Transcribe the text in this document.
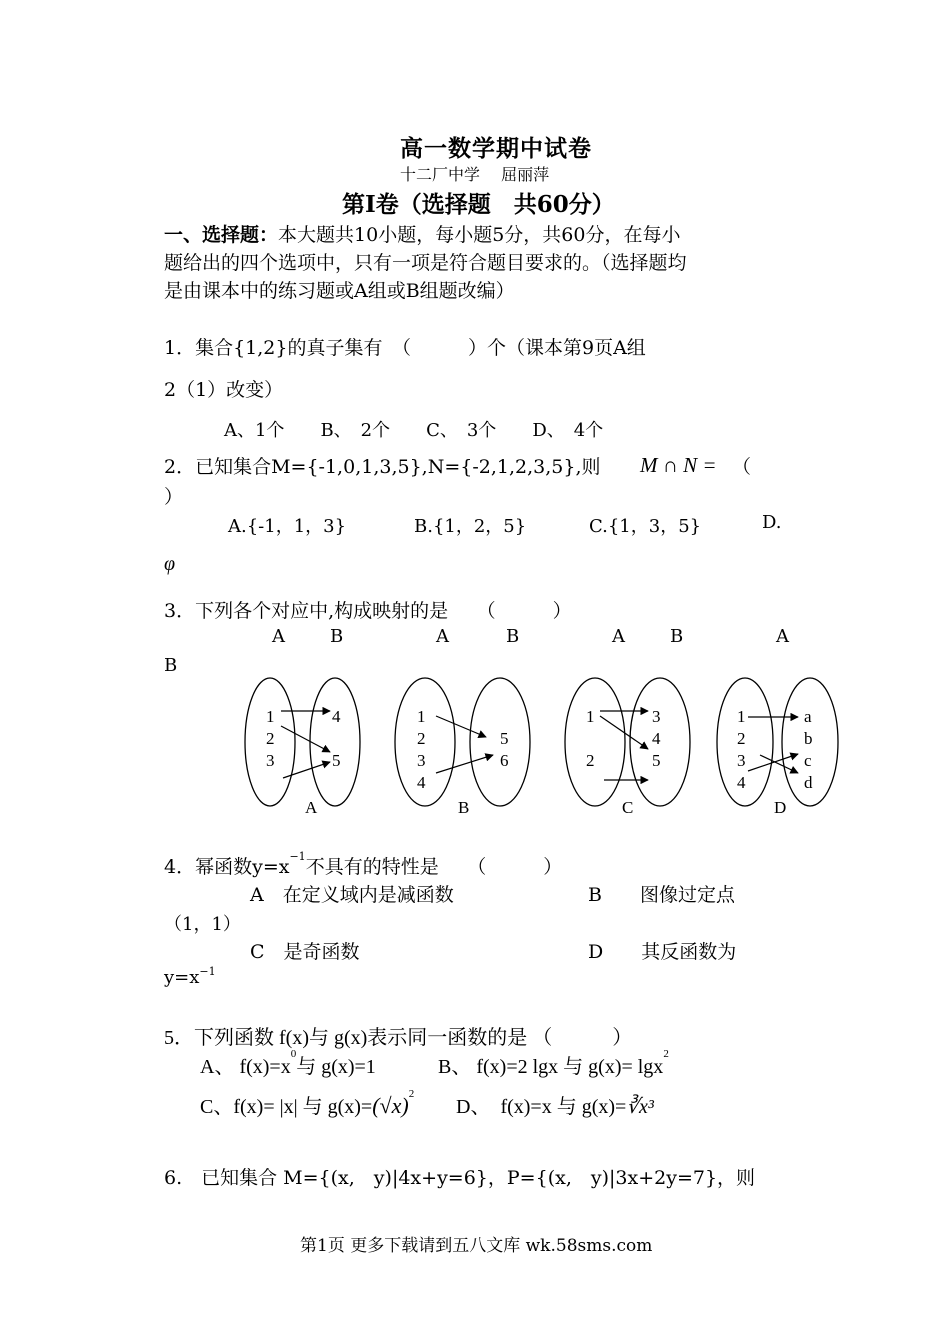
高一数学期中试卷
十二厂中学　 屈丽萍
第Ⅰ卷（选择题　共60分）
一、选择题：本大题共10小题，每小题5分，共60分，在每小
题给出的四个选项中，只有一项是符合题目要求的。（选择题均
是由课本中的练习题或A组或B组题改编）
1．集合{1,2}的真子集有　（　　　）个（课本第9页A组
2（1）改变）
A、1个　　B、　2个　　C、　3个　　D、　4个
2．已知集合M={-1,0,1,3,5},N={-2,1,2,3,5},则 M ∩ N = （
）
A.{-1，1，3}	B.{1，2，5}	C.{1，3，5}	D.
φ
3．下列各个对应中,构成映射的是　　（　　　）
A	B	A	B	A	B	A
B
1
2
3
4
5
A
1
2
3
4
5
6
B
1
2
3
4
5
C
1
2
3
4
a
b
c
d
D
4．幂函数$y=x^{-1}$不具有的特性是　　（　　　）
A　在定义域内是减函数	B　　图像过定点
（1，1）
C　是奇函数	D　　其反函数为
$y=x^{-1}$
5．下列函数 f(x)与 g(x)表示同一函数的是 （　　　）
A、 $f(x)=x^0$与 g(x)=1	B、 f(x)=2 lgx 与 g(x)= lgx$^2$
C、f(x)= |x| 与 $g(x)=(√x)^2$
D、  f(x)=x 与 g(x)=∛x³
6.　已知集合 M={(x,　y)|4x+y=6}，P={(x,　y)|3x+2y=7}，则
第1页 更多下载请到五八文库 wk.58sms.com
